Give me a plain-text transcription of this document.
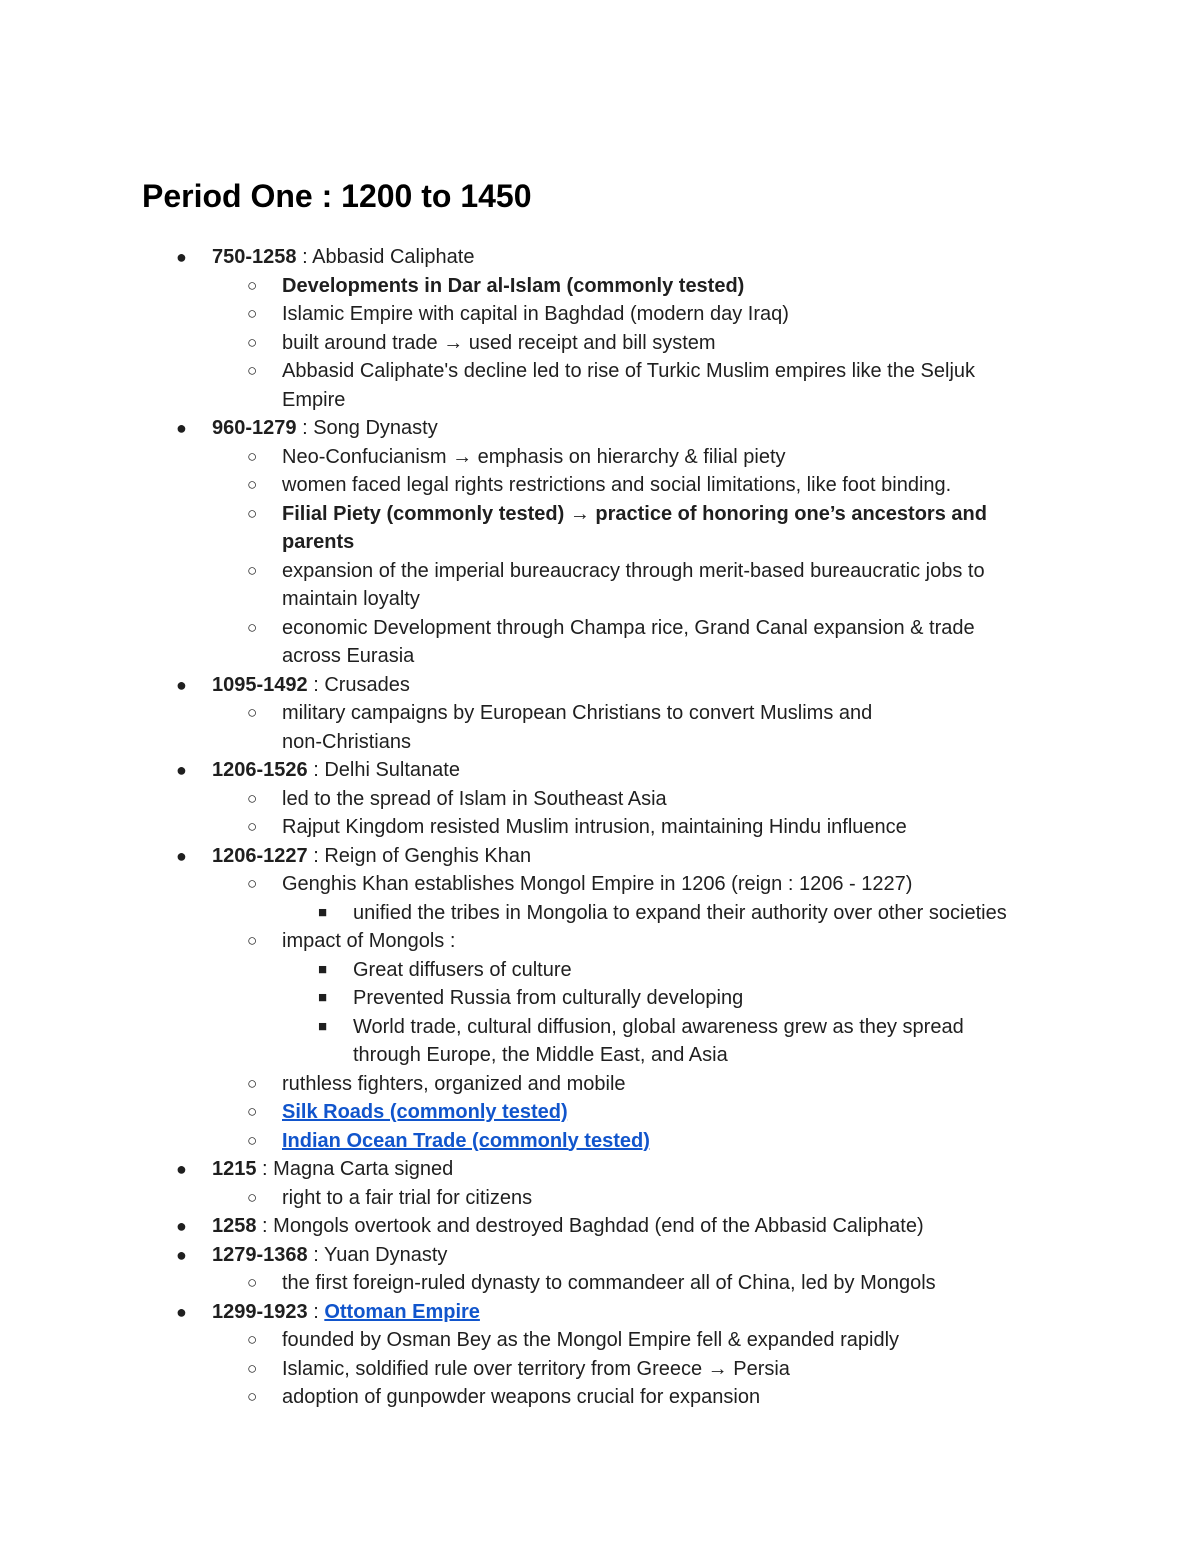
Period One : 1200 to 1450
● 750-1258 : Abbasid Caliphate
○ Developments in Dar al-Islam (commonly tested)
○ Islamic Empire with capital in Baghdad (modern day Iraq)
○ built around trade → used receipt and bill system
○ Abbasid Caliphate's decline led to rise of Turkic Muslim empires like the Seljuk
Empire
● 960-1279 : Song Dynasty
○ Neo-Confucianism → emphasis on hierarchy & filial piety
○ women faced legal rights restrictions and social limitations, like foot binding.
○ Filial Piety (commonly tested) → practice of honoring one’s ancestors and
parents
○ expansion of the imperial bureaucracy through merit-based bureaucratic jobs to
maintain loyalty
○ economic Development through Champa rice, Grand Canal expansion & trade
across Eurasia
● 1095-1492 : Crusades
○ military campaigns by European Christians to convert Muslims and
non-Christians
● 1206-1526 : Delhi Sultanate
○ led to the spread of Islam in Southeast Asia
○ Rajput Kingdom resisted Muslim intrusion, maintaining Hindu influence
● 1206-1227 : Reign of Genghis Khan
○ Genghis Khan establishes Mongol Empire in 1206 (reign : 1206 - 1227)
■ unified the tribes in Mongolia to expand their authority over other societies
○ impact of Mongols :
■ Great diffusers of culture
■ Prevented Russia from culturally developing
■ World trade, cultural diffusion, global awareness grew as they spread
through Europe, the Middle East, and Asia
○ ruthless fighters, organized and mobile
○ Silk Roads (commonly tested)
○ Indian Ocean Trade (commonly tested)
● 1215 : Magna Carta signed
○ right to a fair trial for citizens
● 1258 : Mongols overtook and destroyed Baghdad (end of the Abbasid Caliphate)
● 1279-1368 : Yuan Dynasty
○ the first foreign-ruled dynasty to commandeer all of China, led by Mongols
● 1299-1923 : Ottoman Empire
○ founded by Osman Bey as the Mongol Empire fell & expanded rapidly
○ Islamic, soldified rule over territory from Greece → Persia
○ adoption of gunpowder weapons crucial for expansion
